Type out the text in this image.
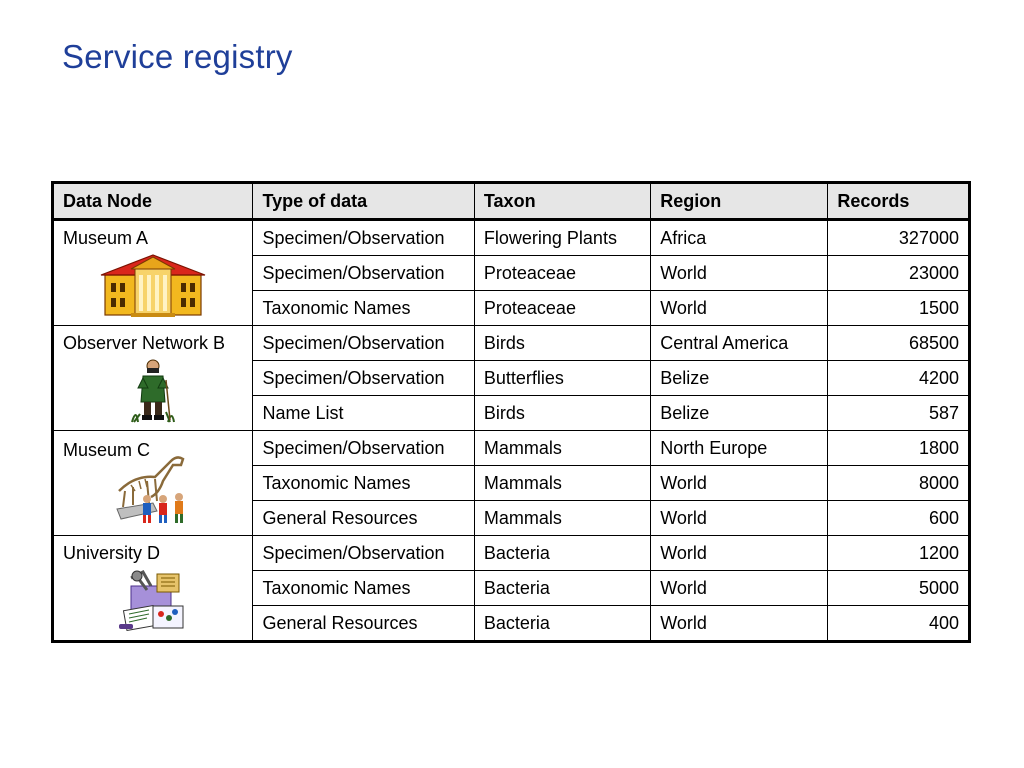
Service registry
Data Node	Type of data	Taxon	Region	Records

Museum A	Specimen/Observation	Flowering Plants	Africa	327000
	Specimen/Observation	Proteaceae	World	23000
	Taxonomic Names	Proteaceae	World	1500

Observer Network B	Specimen/Observation	Birds	Central America	68500
	Specimen/Observation	Butterflies	Belize	4200
	Name List	Birds	Belize	587

Museum C	Specimen/Observation	Mammals	North Europe	1800
	Taxonomic Names	Mammals	World	8000
	General Resources	Mammals	World	600

University D	Specimen/Observation	Bacteria	World	1200
	Taxonomic Names	Bacteria	World	5000
	General Resources	Bacteria	World	400
